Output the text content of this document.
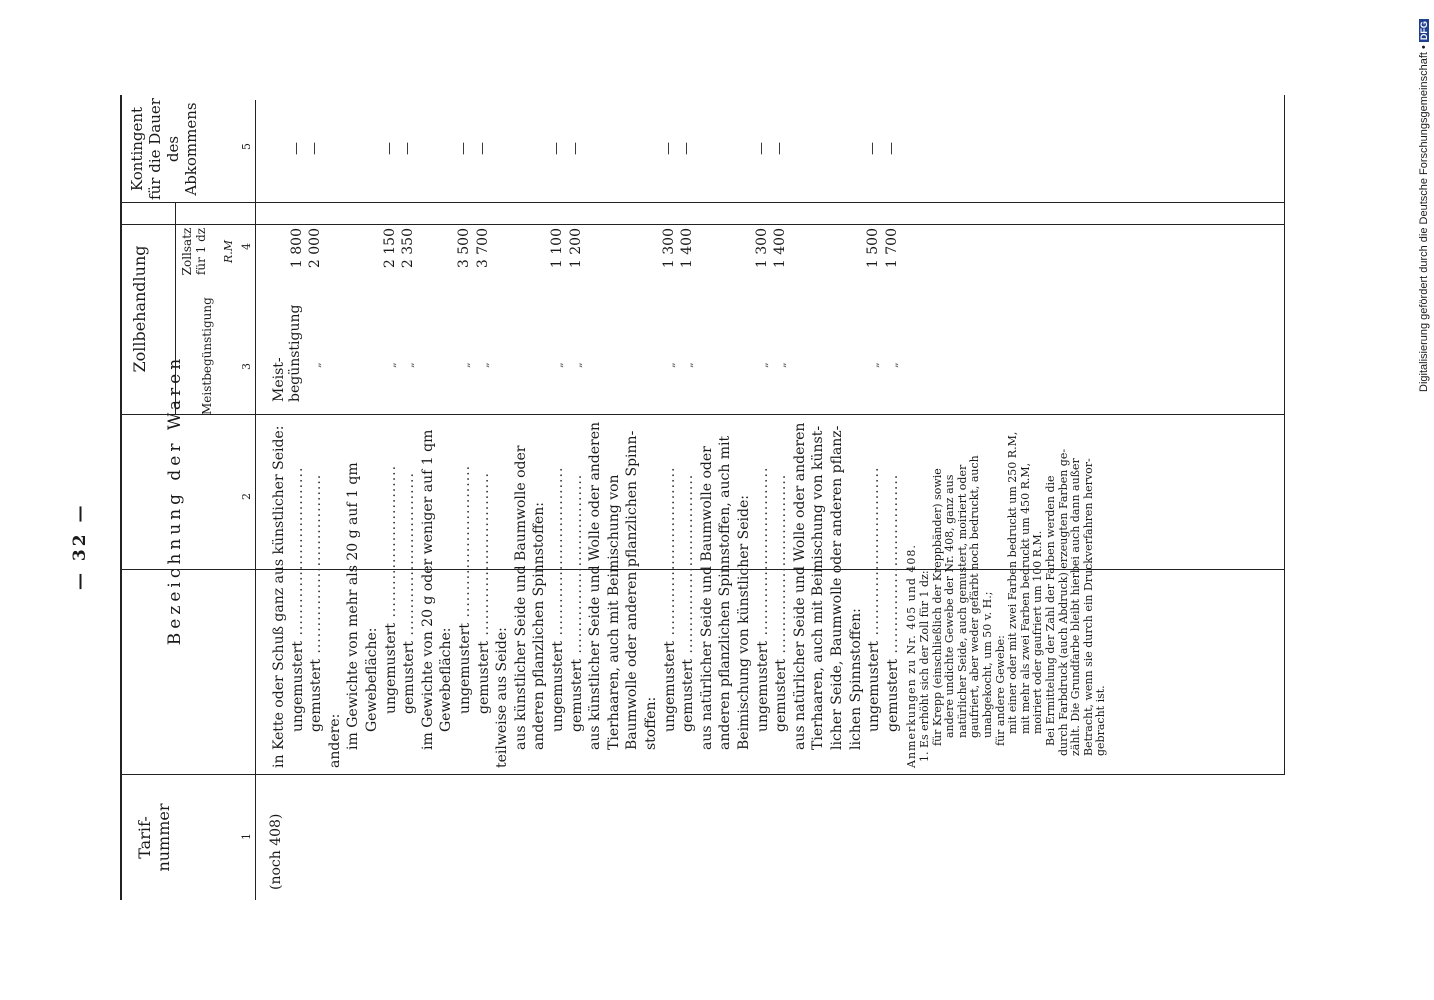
— 32 —
Tarif-
nummer
Bezeichnung der Waren
Zollbehandlung	Meistbegünstigung
Zollsatz
für 1 dz
R.M
Kontingent
für die Dauer
des Abkommens
1
2
3
4
5
(noch 408)
in Kette oder Schuß ganz aus künstlicher Seide: ungemustert ...............................
Meist-
begünstigung
1 800
—
gemustert .................................
„
2 000
—
andere: im Gewichte von mehr als 20 g auf 1 qm Gewebefläche: ungemustert ............................
„
2 150
—
gemustert ..............................
„
2 350
—
im Gewichte von 20 g oder weniger auf 1 qm Gewebefläche: ungemustert ............................
„
3 500
—
gemustert ..............................
„
3 700
—
teilweise aus Seide: aus künstlicher Seide und Baumwolle oder anderen pflanzlichen Spinnstoffen: ungemustert ...............................
„
1 100
—
gemustert .................................
„
1 200
—
aus künstlicher Seide und Wolle oder anderen Tierhaaren, auch mit Beimischung von Baumwolle oder anderen pflanzlichen Spinn- stoffen: ungemustert ...............................
„
1 300
—
gemustert .................................
„
1 400
—
aus natürlicher Seide und Baumwolle oder anderen pflanzlichen Spinnstoffen, auch mit Beimischung von künstlicher Seide: ungemustert ...............................
„
1 300
—
gemustert .................................
„
1 400
—
aus natürlicher Seide und Wolle oder anderen Tierhaaren, auch mit Beimischung von künst- licher Seide, Baumwolle oder anderen pflanz- lichen Spinnstoffen: ungemustert ...............................
„
1 500
—
gemustert .................................
„
1 700
—
Anmerkungen zu Nr. 405 und 408. 1. Es erhöht sich der Zoll für 1 dz: für Krepp (einschließlich der Kreppbänder) sowie andere undichte Gewebe der Nr. 408, ganz aus natürlicher Seide, auch gemustert, moiriert oder gaufriert, aber weder gefärbt noch bedruckt, auch unabgekocht, um 50 v. H.; für andere Gewebe: mit einer oder mit zwei Farben bedruckt um 250 R.M, mit mehr als zwei Farben bedruckt um 450 R.M, moiriert oder gaufriert um 100 R.M. Bei Ermittelung der Zahl der Farben werden die durch Farbdruck (auch Abdruck) erzeugten Farben ge- zählt. Die Grundfarbe bleibt hierbei auch dann außer Betracht, wenn sie durch ein Druckverfahren hervor- gebracht ist.
Digitalisierung gefördert durch die Deutsche Forschungsgemeinschaft • DFG
